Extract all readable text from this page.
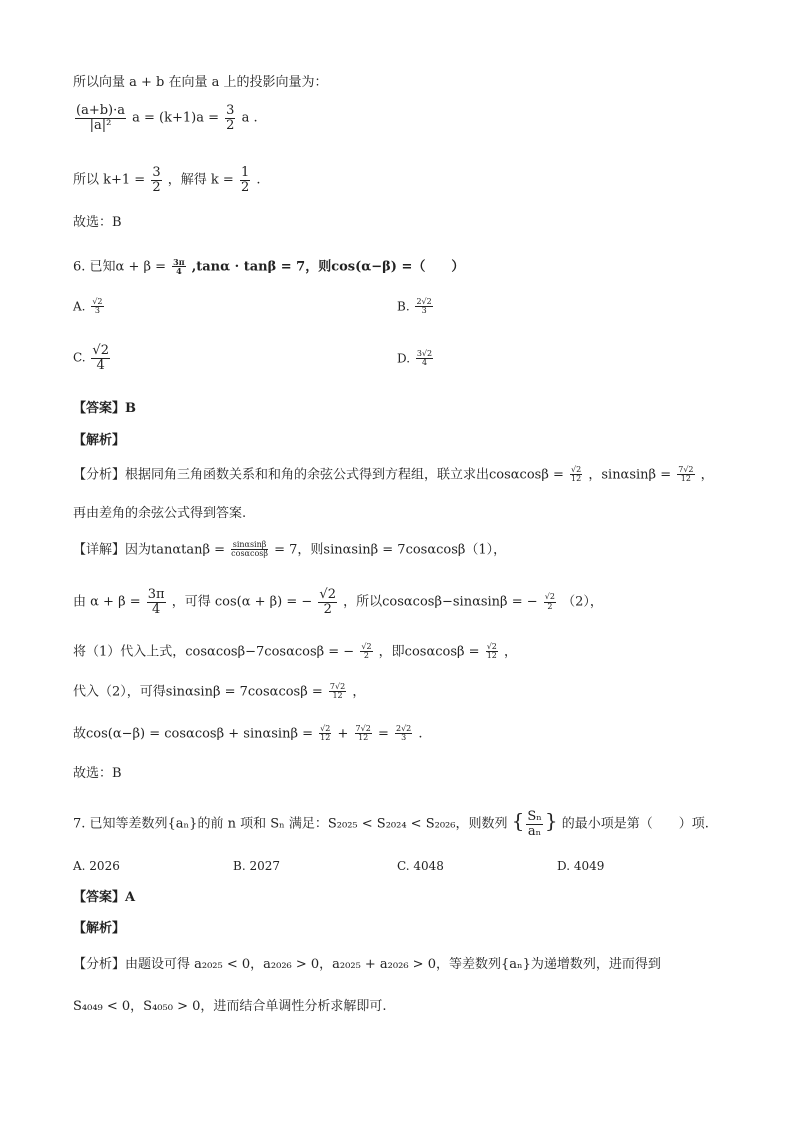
所以向量 a + b 在向量 a 上的投影向量为：
$\frac{(a+b)\cdot a}{\text{|a|²}}$ $a = (k+1)a = \frac{3}{2}$ a .
所以 $k+1 = \frac{3}{2}$ ，解得 $k = \frac{1}{2}$ .
故选：B
6. 已知$\alpha + \beta = \frac{3\pi}{4} ,\tan\alpha \cdot \tan\beta = 7$，则cos(α−β) =（　　）
A. $\frac{√2}{3}$	B. $\frac{2√2}{3}$
C. $\frac{√2}{4}$	D. $\frac{3√2}{4}$
【答案】B
【解析】
【分析】根据同角三角函数关系和和角的余弦公式得到方程组，联立求出$\cos\alpha\cos\beta = \frac{√2}{12}$ ，$\sin\alpha\sin\beta = \frac{7√2}{12}$ ，
再由差角的余弦公式得到答案.
【详解】因为$\tan\alpha\tan\beta = \frac{\sin\alpha\sin\beta}{\cos\alpha\cos\beta} = 7$，则sinαsinβ = 7cosαcosβ（1），
由 $\alpha + \beta = \frac{3\pi}{4}$ ，可得 cos(α + β) = − $\frac{√2}{2}$ ，所以cosαcosβ−sinαsinβ = − $\frac{√2}{2} (2)$，
将（1）代入上式，cosαcosβ−7cosαcosβ = − $\frac{√2}{2}$ ，即$\cos\alpha\cos\beta = \frac{√2}{12}$ ，
代入（2），可得$\sin\alpha\sin\beta = 7\cos\alpha\cos\beta = \frac{7√2}{12}$ ，
故$\cos(\alpha-\beta) = \cos\alpha\cos\beta + \sin\alpha\sin\beta = \frac{√2}{12} + \frac{7√2}{12} = \frac{2√2}{3}$ .
故选：B
7. 已知等差数列{aₙ}的前 n 项和 Sₙ 满足：S₂₀₂₅ < S₂₀₂₄ < S₂₀₂₆，则数列 { $\frac{\text{Sₙ}}{\text{aₙ}}$ } 的最小项是第（　　）项.
A. 2026	B. 2027	C. 4048	D. 4049
【答案】A
【解析】
【分析】由题设可得 a₂₀₂₅ < 0，a₂₀₂₆ > 0，a₂₀₂₅ + a₂₀₂₆ > 0，等差数列{aₙ}为递增数列，进而得到
S₄₀₄₉ < 0，S₄₀₅₀ > 0，进而结合单调性分析求解即可.
